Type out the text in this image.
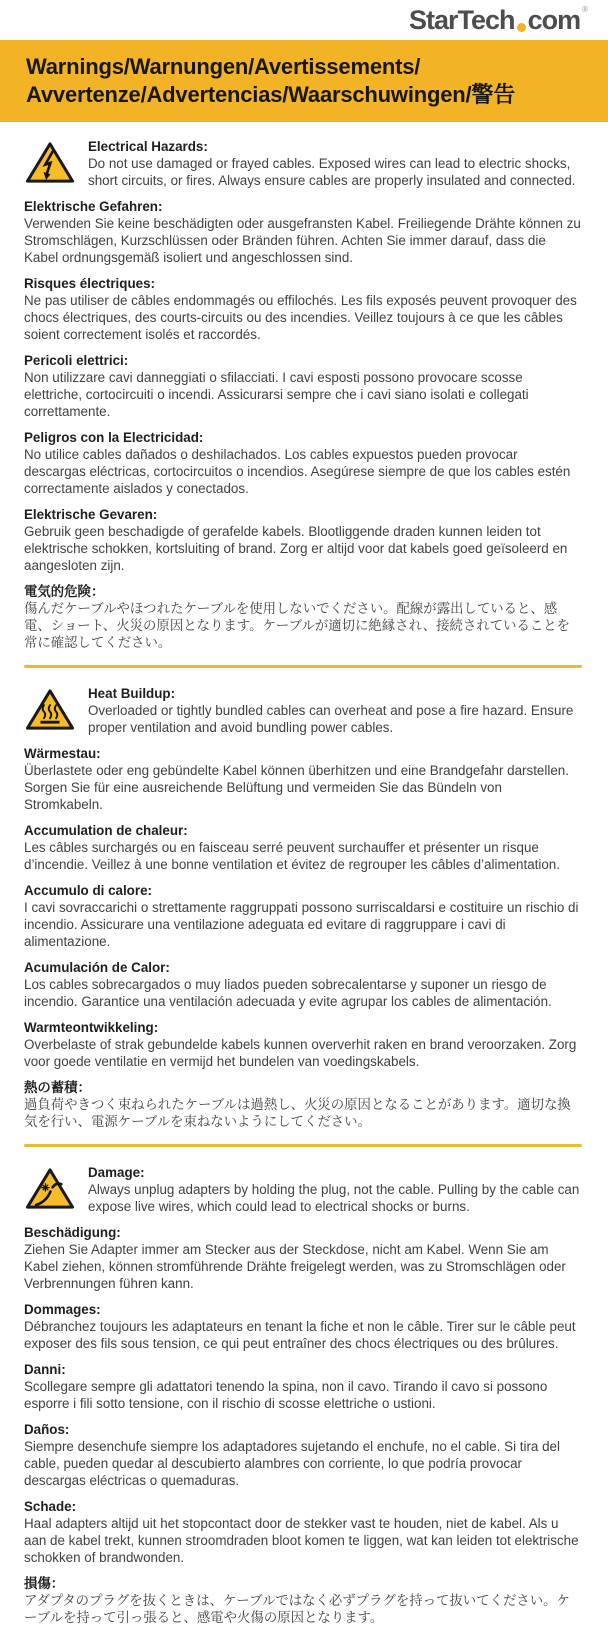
StarTech com ®
Warnings/Warnungen/Avertissements/
Avvertenze/Advertencias/Waarschuwingen/警告
Electrical Hazards:
Do not use damaged or frayed cables. Exposed wires can lead to electric shocks, short circuits, or fires. Always ensure cables are properly insulated and connected.
Elektrische Gefahren:
Verwenden Sie keine beschädigten oder ausgefransten Kabel. Freiliegende Drähte können zu Stromschlägen, Kurzschlüssen oder Bränden führen. Achten Sie immer darauf, dass die Kabel ordnungsgemäß isoliert und angeschlossen sind.
Risques électriques:
Ne pas utiliser de câbles endommagés ou effilochés. Les fils exposés peuvent provoquer des chocs électriques, des courts-circuits ou des incendies. Veillez toujours à ce que les câbles soient correctement isolés et raccordés.
Pericoli elettrici:
Non utilizzare cavi danneggiati o sfilacciati. I cavi esposti possono provocare scosse elettriche, cortocircuiti o incendi. Assicurarsi sempre che i cavi siano isolati e collegati correttamente.
Peligros con la Electricidad:
No utilice cables dañados o deshilachados. Los cables expuestos pueden provocar descargas eléctricas, cortocircuitos o incendios. Asegúrese siempre de que los cables estén correctamente aislados y conectados.
Elektrische Gevaren:
Gebruik geen beschadigde of gerafelde kabels. Blootliggende draden kunnen leiden tot elektrische schokken, kortsluiting of brand. Zorg er altijd voor dat kabels goed geïsoleerd en aangesloten zijn.
電気的危険：
傷んだケーブルやほつれたケーブルを使用しないでください。配線が露出していると、感電、ショート、火災の原因となります。ケーブルが適切に絶縁され、接続されていることを常に確認してください。
Heat Buildup:
Overloaded or tightly bundled cables can overheat and pose a fire hazard. Ensure proper ventilation and avoid bundling power cables.
Wärmestau:
Überlastete oder eng gebündelte Kabel können überhitzen und eine Brandgefahr darstellen. Sorgen Sie für eine ausreichende Belüftung und vermeiden Sie das Bündeln von Stromkabeln.
Accumulation de chaleur:
Les câbles surchargés ou en faisceau serré peuvent surchauffer et présenter un risque d’incendie. Veillez à une bonne ventilation et évitez de regrouper les câbles d’alimentation.
Accumulo di calore:
I cavi sovraccarichi o strettamente raggruppati possono surriscaldarsi e costituire un rischio di incendio. Assicurare una ventilazione adeguata ed evitare di raggruppare i cavi di alimentazione.
Acumulación de Calor:
Los cables sobrecargados o muy liados pueden sobrecalentarse y suponer un riesgo de incendio. Garantice una ventilación adecuada y evite agrupar los cables de alimentación.
Warmteontwikkeling:
Overbelaste of strak gebundelde kabels kunnen oververhit raken en brand veroorzaken. Zorg voor goede ventilatie en vermijd het bundelen van voedingskabels.
熱の蓄積：
過負荷やきつく束ねられたケーブルは過熱し、火災の原因となることがあります。適切な換気を行い、電源ケーブルを束ねないようにしてください。
Damage:
Always unplug adapters by holding the plug, not the cable. Pulling by the cable can expose live wires, which could lead to electrical shocks or burns.
Beschädigung:
Ziehen Sie Adapter immer am Stecker aus der Steckdose, nicht am Kabel. Wenn Sie am Kabel ziehen, können stromführende Drähte freigelegt werden, was zu Stromschlägen oder Verbrennungen führen kann.
Dommages:
Débranchez toujours les adaptateurs en tenant la fiche et non le câble. Tirer sur le câble peut exposer des fils sous tension, ce qui peut entraîner des chocs électriques ou des brûlures.
Danni:
Scollegare sempre gli adattatori tenendo la spina, non il cavo. Tirando il cavo si possono esporre i fili sotto tensione, con il rischio di scosse elettriche o ustioni.
Daños:
Siempre desenchufe siempre los adaptadores sujetando el enchufe, no el cable. Si tira del cable, pueden quedar al descubierto alambres con corriente, lo que podría provocar descargas eléctricas o quemaduras.
Schade:
Haal adapters altijd uit het stopcontact door de stekker vast te houden, niet de kabel. Als u aan de kabel trekt, kunnen stroomdraden bloot komen te liggen, wat kan leiden tot elektrische schokken of brandwonden.
損傷：
アダプタのプラグを抜くときは、ケーブルではなく必ずプラグを持って抜いてください。ケーブルを持って引っ張ると、感電や火傷の原因となります。
